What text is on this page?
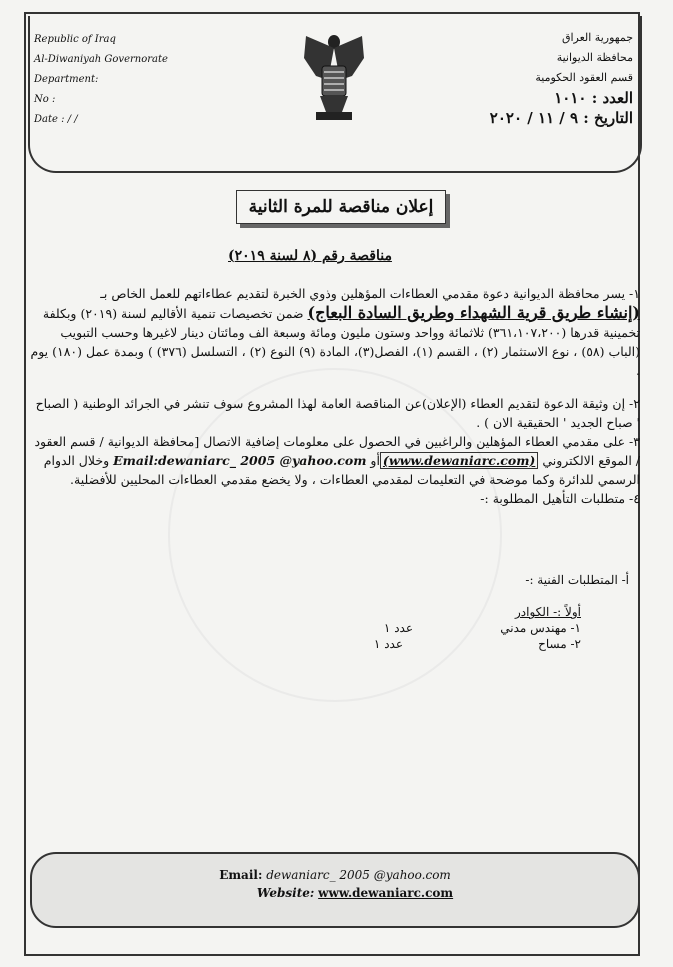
Republic of Iraq
Al-Diwaniyah Governorate
Department:
No :
Date : / /
جمهورية العراق
محافظة الديوانية
قسم العقود الحكومية
العدد : ١٠١٠
التاريخ : ٩ / ١١ / ٢٠٢٠
إعلان مناقصة للمرة الثانية
مناقصة رقم (٨ لسنة ٢٠١٩)

١- يسر محافظة الديوانية دعوة مقدمي العطاءات المؤهلين وذوي الخبرة لتقديم عطاءاتهم للعمل الخاص بـ
(إنشاء طريق قرية الشهداء وطريق السادة البعاج) ضمن تخصيصات تنمية الأقاليم لسنة (٢٠١٩) وبكلفة تخمينية قدرها (٣٦١،١٠٧،٢٠٠) ثلاثمائة وواحد وستون مليون ومائة وسبعة الف ومائتان دينار لاغيرها وحسب التبويب (الباب (٥٨) ، نوع الاستثمار (٢) ، القسم (١)، الفصل(٣)، المادة (٩) النوع (٢) ، التسلسل (٣٧٦) ) وبمدة عمل (١٨٠) يوم .

٢- إن وثيقة الدعوة لتقديم العطاء (الإعلان)عن المناقصة العامة لهذا المشروع سوف تنشر في الجرائد الوطنية ( الصباح ' صباح الجديد ' الحقيقية الان ) .

٣- على مقدمي العطاء المؤهلين والراغبين في الحصول على معلومات إضافية الاتصال [محافظة الديوانية / قسم العقود / الموقع الالكتروني (www.dewaniarc.com)أو Email:dewaniarc_ 2005 @yahoo.com وخلال الدوام الرسمي للدائرة وكما موضحة في التعليمات لمقدمي العطاءات ، ولا يخضع مقدمي العطاءات المحليين للأفضلية.

٤- متطلبات التأهيل المطلوبة :-

أ- المتطلبات الفنية :-
أولاً :- الكوادر
١- مهندس مدني
عدد ١
٢- مساح
عدد ١
Email: dewaniarc_ 2005 @yahoo.com
Website: www.dewaniarc.com
